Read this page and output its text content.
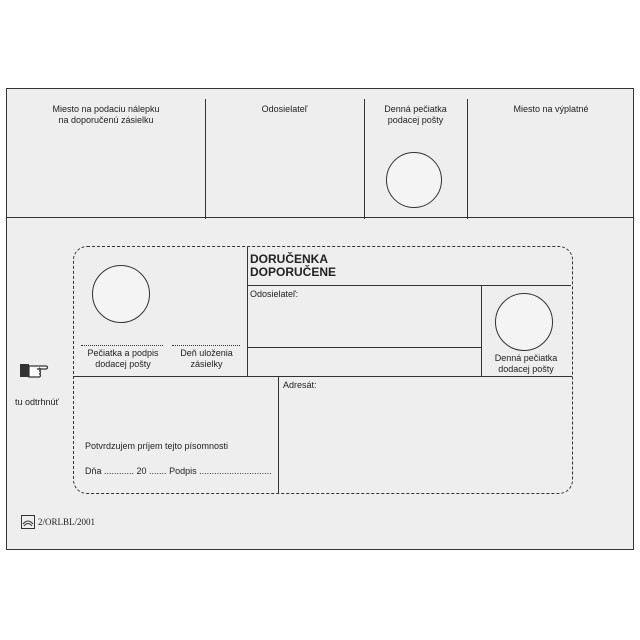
Miesto na podaciu nálepku
na doporučenú zásielku
Odosielateľ	Denná pečiatka
podacej pošty
Miesto na výplatné
tu odtrhnúť
Pečiatka a podpis
dodacej pošty
Deň uloženia
zásielky
DORUČENKA
DOPORUČENE
Odosielateľ:
Denná pečiatka
dodacej pošty
Adresát:
Potvrdzujem príjem tejto písomnosti
Dňa ............ 20 ....... Podpis .............................
2/ORLBL/2001
